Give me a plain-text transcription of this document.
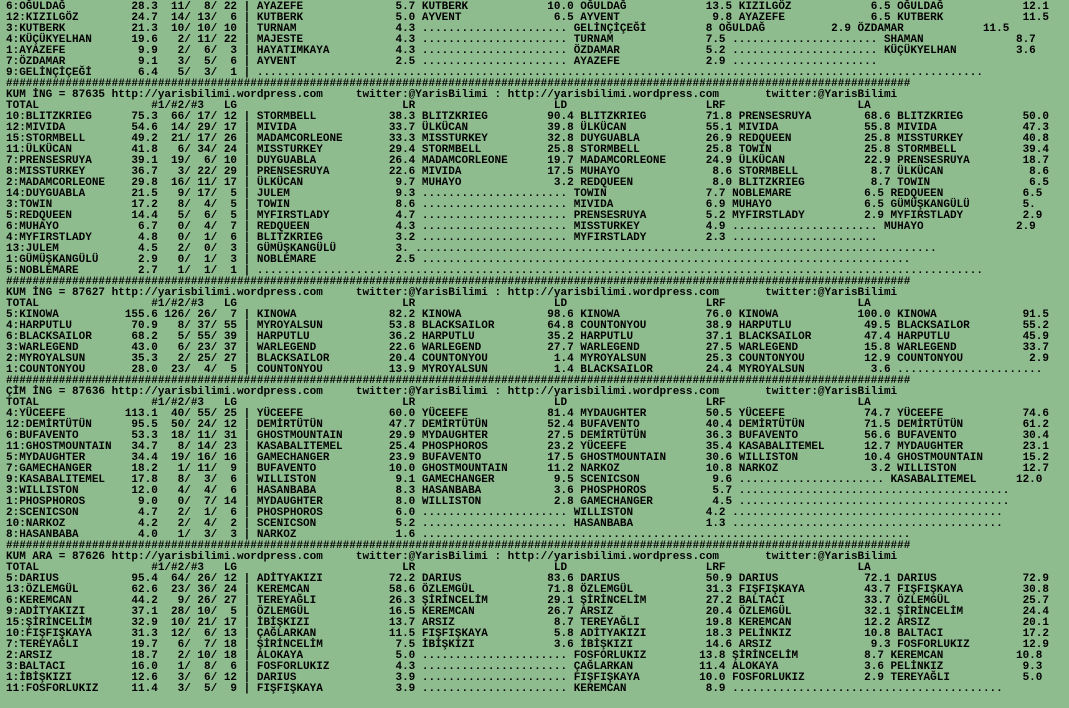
6:OĞULDAĞ          28.3  11/  8/ 22 | AYAZEFE              5.7 KUTBERK            10.0 OĞULDAĞ            13.5 KIZILGÖZ            6.5 OĞULDAĞ            12.1
12:KIZILGÖZ        24.7  14/ 13/  6 | KUTBERK              5.0 AYVENT              6.5 AYVENT              9.8 AYAZEFE             6.5 KUTBERK            11.5
3:KUTBERK          21.3  10/ 10/ 10 | TURNAM               4.3 ...................... GELİNÇİÇEĞİ         8 OĞULDAĞ          2.9 ÖZDAMAR            11.5
4:KÜÇÜKYELHAN      19.6   2/ 11/ 22 | MAJESTE              4.3 ...................... TURNAM              7.5 ...................... SHAMAN              8.7
1:AYAZEFE           9.9   2/  6/  3 | HAYATIMKAYA          4.3 ...................... ÖZDAMAR             5.2 ...................... KÜÇÜKYELHAN         3.6
7:ÖZDAMAR           9.1   3/  5/  6 | AYVENT               2.5 ...................... AYAZEFE             2.9 ......................
9:GELİNÇİÇEĞİ       6.4   5/  3/  1 | ..............................................................................................................
#########################################################################################################################################
KUM İNG = 87635 http://yarisbilimi.wordpress.com     twitter:@YarisBilimi : http://yarisbilimi.wordpress.com       twitter:@YarisBilimi
TOTAL                 #1/#2/#3   LG                         LR                     LD                     LRF                    LA
10:BLITZKRIEG      75.3  66/ 17/ 12 | STORMBELL           38.3 BLITZKRIEG         90.4 BLITZKRIEG         71.8 PRENSESRUYA        68.6 BLITZKRIEG         50.0
12:MIVIDA          54.6  14/ 29/ 17 | MIVIDA              33.7 ÜLKÜCAN            39.8 ÜLKÜCAN            55.1 MIVIDA             55.8 MIVIDA             47.3
15:STORMBELL       49.2  21/ 17/ 26 | MADAMCORLEONE       33.3 MISSTURKEY         32.8 DUYGUABLA          26.9 REDQUEEN           25.8 MISSTURKEY         40.8
11:ÜLKÜCAN         41.8   6/ 34/ 24 | MISSTURKEY          29.4 STORMBELL          25.8 STORMBELL          25.8 TOWIN              25.8 STORMBELL          39.4
7:PRENSESRUYA      39.1  19/  6/ 10 | DUYGUABLA           26.4 MADAMCORLEONE      19.7 MADAMCORLEONE      24.9 ÜLKÜCAN            22.9 PRENSESRUYA        18.7
8:MISSTURKEY       36.7   3/ 22/ 29 | PRENSESRUYA         22.6 MIVIDA             17.5 MUHAYO              8.6 STORMBELL           8.7 ÜLKÜCAN             8.6
2:MADAMCORLEONE    29.8  16/ 11/ 17 | ÜLKÜCAN              9.7 MUHAYO              3.2 REDQUEEN            8.0 BLITZKRIEG          8.7 TOWIN               6.5
14:DUYGUABLA       21.5   9/ 17/  5 | JULEM                9.3 ...................... TOWIN               7.7 NOBLEMARE           6.5 REDQUEEN            6.5
3:TOWIN            17.2   8/  4/  5 | TOWIN                8.6 ...................... MIVIDA              6.9 MUHAYO              6.5 GÜMÜŞKANGÜLÜ        5.
5:REDQUEEN         14.4   5/  6/  5 | MYFIRSTLADY          4.7 ...................... PRENSESRUYA         5.2 MYFIRSTLADY         2.9 MYFIRSTLADY         2.9
6:MUHAYO            6.7   0/  4/  7 | REDQUEEN             4.3 ...................... MISSTURKEY          4.9 ...................... MUHAYO              2.9
4:MYFIRSTLADY       4.8   0/  1/  6 | BLITZKRIEG           3.2 ...................... MYFIRSTLADY         2.3 ......................
13:JULEM            4.5   2/  0/  3 | GÜMÜŞKANGÜLÜ         3. ...............................................................................
1:GÜMÜŞKANGÜLÜ      2.9   0/  1/  3 | NOBLEMARE            2.5 ..........................................................................
5:NOBLEMARE         2.7   1/  1/  1 | ..............................................................................................................
#########################################################################################################################################
KUM İNG = 87627 http://yarisbilimi.wordpress.com     twitter:@YarisBilimi : http://yarisbilimi.wordpress.com       twitter:@YarisBilimi
TOTAL                 #1/#2/#3   LG                         LR                     LD                     LRF                    LA
5:KINOWA          155.6 126/ 26/  7 | KINOWA              82.2 KINOWA             98.6 KINOWA             76.0 KINOWA            100.0 KINOWA             91.5
4:HARPUTLU         70.9   8/ 37/ 55 | MYROYALSUN          53.8 BLACKSAILOR        64.8 COUNTONYOU         38.9 HARPUTLU           49.5 BLACKSAILOR        55.2
6:BLACKSAILOR      68.2   5/ 55/ 39 | HARPUTLU            36.2 HARPUTLU           35.2 HARPUTLU           37.1 BLACKSAILOR        47.4 HARPUTLU           45.9
3:WARLEGEND        43.0   6/ 23/ 37 | WARLEGEND           22.6 WARLEGEND          27.7 WARLEGEND          27.5 WARLEGEND          15.8 WARLEGEND          33.7
2:MYROYALSUN       35.3   2/ 25/ 27 | BLACKSAILOR         20.4 COUNTONYOU          1.4 MYROYALSUN         25.3 COUNTONYOU         12.9 COUNTONYOU          2.9
1:COUNTONYOU       28.0  23/  4/  5 | COUNTONYOU          13.9 MYROYALSUN          1.4 BLACKSAILOR        24.4 MYROYALSUN          3.6 ......................
#########################################################################################################################################
ÇİM İNG = 87636 http://yarisbilimi.wordpress.com     twitter:@YarisBilimi : http://yarisbilimi.wordpress.com       twitter:@YarisBilimi
TOTAL                 #1/#2/#3   LG                         LR                     LD                     LRF                    LA
4:YÜCEEFE         113.1  40/ 55/ 25 | YÜCEEFE             60.0 YÜCEEFE            81.4 MYDAUGHTER         50.5 YÜCEEFE            74.7 YÜCEEFE            74.6
12:DEMİRTÜTÜN      95.5  50/ 24/ 12 | DEMİRTÜTÜN          47.7 DEMİRTÜTÜN         52.4 BUFAVENTO          40.4 DEMİRTÜTÜN         71.5 DEMİRTÜTÜN         61.2
6:BUFAVENTO        53.3  18/ 11/ 31 | GHOSTMOUNTAIN       29.9 MYDAUGHTER         27.5 DEMİRTÜTÜN         36.3 BUFAVENTO          56.6 BUFAVENTO          30.4
11:GHOSTMOUNTAIN   34.7   8/ 14/ 23 | KASABALITEMEL       25.4 PHOSPHOROS         23.2 YÜCEEFE            35.4 KASABALITEMEL      12.7 MYDAUGHTER         23.1
5:MYDAUGHTER       34.4  19/ 16/ 16 | GAMECHANGER         23.9 BUFAVENTO          17.5 GHOSTMOUNTAIN      30.6 WILLISTON          10.4 GHOSTMOUNTAIN      15.2
7:GAMECHANGER      18.2   1/ 11/  9 | BUFAVENTO           10.0 GHOSTMOUNTAIN      11.2 NARKOZ             10.8 NARKOZ              3.2 WILLISTON          12.7
9:KASABALITEMEL    17.8   8/  3/  6 | WILLISTON            9.1 GAMECHANGER         9.5 SCENICSON           9.6 ...................... KASABALITEMEL      12.0
3:WILLISTON        12.0   4/  4/  6 | HASANBABA            8.3 HASANBABA           3.6 PHOSPHOROS          5.7 .........................................
1:PHOSPHOROS        9.0   0/  7/ 14 | MYDAUGHTER           8.0 WILLISTON           2.8 GAMECHANGER         4.5 .........................................
2:SCENICSON         4.7   2/  1/  6 | PHOSPHOROS           6.0 ...................... WILLISTON           4.2 .........................................
10:NARKOZ           4.2   2/  4/  2 | SCENICSON            5.2 ...................... HASANBABA           1.3 .........................................
8:HASANBABA         4.0   1/  3/  3 | NARKOZ               1.6 ..........................................................................
#########################################################################################################################################
KUM ARA = 87626 http://yarisbilimi.wordpress.com     twitter:@YarisBilimi : http://yarisbilimi.wordpress.com       twitter:@YarisBilimi
TOTAL                 #1/#2/#3   LG                         LR                     LD                     LRF                    LA
5:DARIUS           95.4  64/ 26/ 12 | ADİTYAKIZI          72.2 DARIUS             83.6 DARIUS             50.9 DARIUS             72.1 DARIUS             72.9
13:ÖZLEMGÜL        62.6  23/ 36/ 24 | KEREMCAN            58.6 ÖZLEMGÜL           71.8 ÖZLEMGÜL           31.3 FIŞFIŞKAYA         43.7 FIŞFIŞKAYA         30.8
6:KEREMCAN         44.2   9/ 26/ 27 | TEREYAĞLI           26.3 ŞİRİNCELİM         29.1 ŞİRİNCELİM         27.2 BALTACI            33.7 ÖZLEMGÜL           25.7
9:ADİTYAKIZI       37.1  28/ 10/  5 | ÖZLEMGÜL            16.5 KEREMCAN           26.7 ARSIZ              20.4 ÖZLEMGÜL           32.1 ŞİRİNCELİM         24.4
15:ŞİRİNCELİM      32.9  10/ 21/ 17 | İBİŞKIZI            13.7 ARSIZ               8.7 TEREYAĞLI          19.8 KEREMCAN           12.2 ARSIZ              20.1
10:FIŞFIŞKAYA      31.3  12/  6/ 13 | ÇAĞLARKAN           11.5 FIŞFIŞKAYA          5.8 ADİTYAKIZI         18.3 PELİNKIZ           10.8 BALTACI            17.2
7:TEREYAĞLI        19.7   6/  7/ 18 | ŞİRİNCELİM           7.5 İBİŞKIZI            3.6 İBİŞKIZI           14.6 ARSIZ               9.3 FOSFORLUKIZ        12.9
2:ARSIZ            18.7   2/ 10/ 18 | ALOKAYA              5.0 ...................... FOSFORLUKIZ        13.8 ŞİRİNCELİM          8.7 KEREMCAN           10.8
3:BALTACI          16.0   1/  8/  6 | FOSFORLUKIZ          4.3 ...................... ÇAĞLARKAN          11.4 ALOKAYA             3.6 PELİNKIZ            9.3
1:İBİŞKIZI         12.6   3/  6/ 12 | DARIUS               3.9 ...................... FIŞFIŞKAYA         10.0 FOSFORLUKIZ         2.9 TEREYAĞLI           5.0
11:FOSFORLUKIZ     11.4   3/  5/  9 | FIŞFIŞKAYA           3.9 ...................... KEREMCAN            8.9 .........................................
